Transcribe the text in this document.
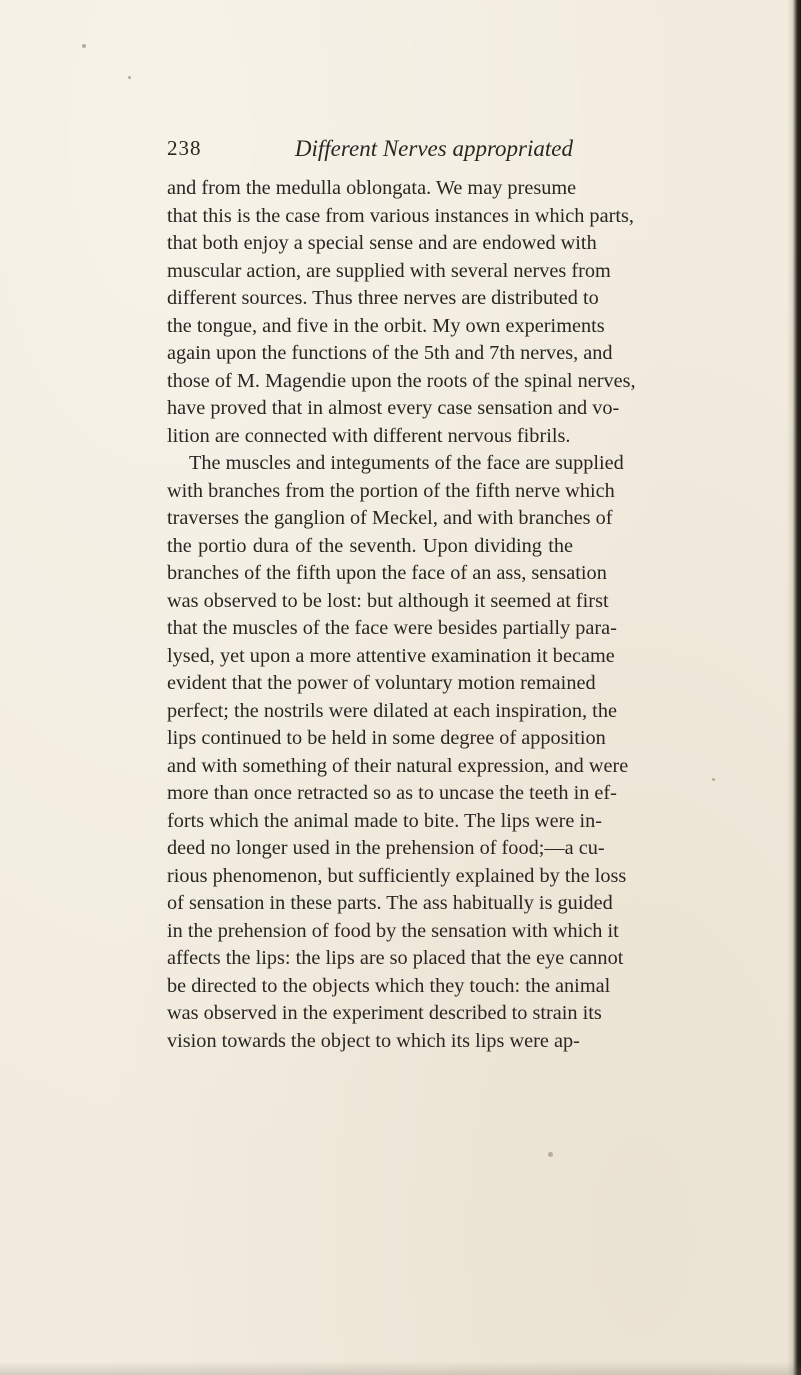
238	Different Nerves appropriated
and from the medulla oblongata. We may presume
that this is the case from various instances in which parts,
that both enjoy a special sense and are endowed with
muscular action, are supplied with several nerves from
different sources. Thus three nerves are distributed to
the tongue, and five in the orbit. My own experiments
again upon the functions of the 5th and 7th nerves, and
those of M. Magendie upon the roots of the spinal nerves,
have proved that in almost every case sensation and vo-
lition are connected with different nervous fibrils.
The muscles and integuments of the face are supplied
with branches from the portion of the fifth nerve which
traverses the ganglion of Meckel, and with branches of
the portio dura of the seventh. Upon dividing the
branches of the fifth upon the face of an ass, sensation
was observed to be lost: but although it seemed at first
that the muscles of the face were besides partially para-
lysed, yet upon a more attentive examination it became
evident that the power of voluntary motion remained
perfect; the nostrils were dilated at each inspiration, the
lips continued to be held in some degree of apposition
and with something of their natural expression, and were
more than once retracted so as to uncase the teeth in ef-
forts which the animal made to bite. The lips were in-
deed no longer used in the prehension of food;—a cu-
rious phenomenon, but sufficiently explained by the loss
of sensation in these parts. The ass habitually is guided
in the prehension of food by the sensation with which it
affects the lips: the lips are so placed that the eye cannot
be directed to the objects which they touch: the animal
was observed in the experiment described to strain its
vision towards the object to which its lips were ap-
